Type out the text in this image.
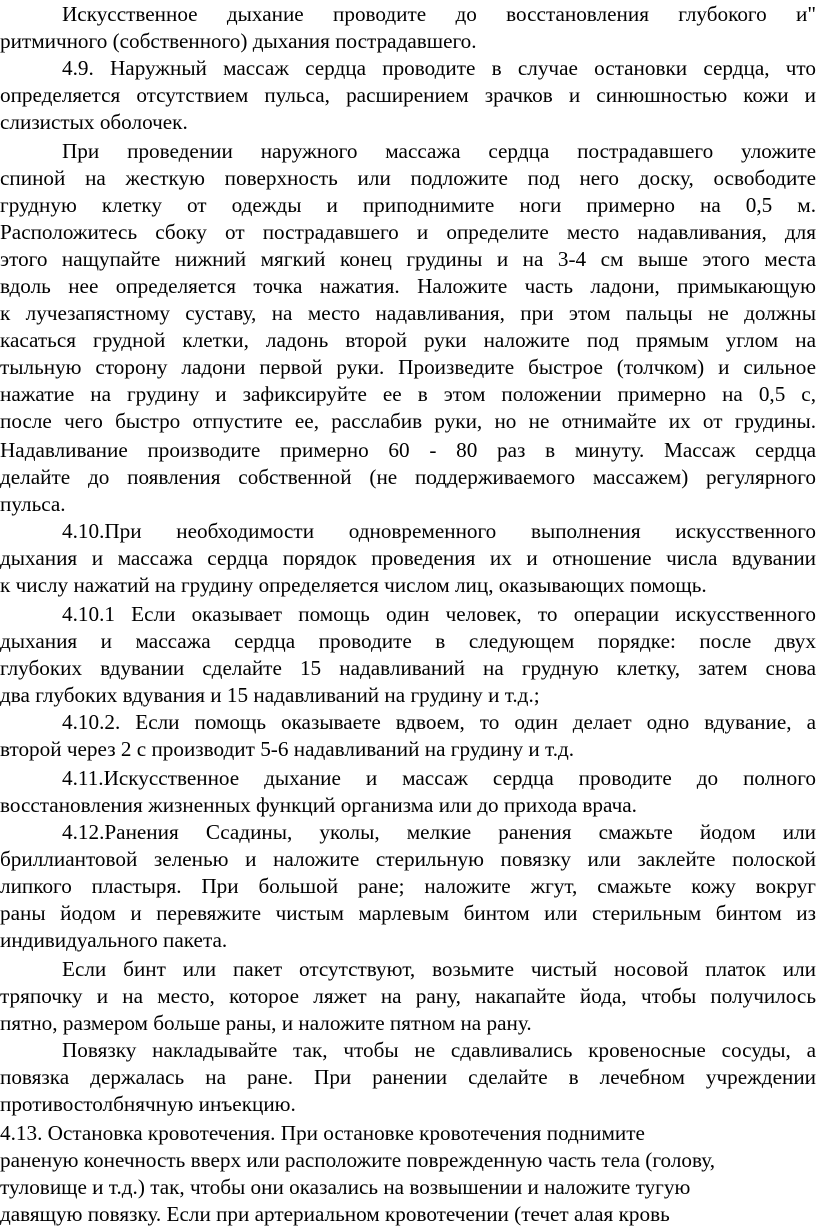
Искусственное дыхание проводите до восстановления глубокого и"
ритмичного (собственного) дыхания пострадавшего.
4.9. Наружный массаж сердца проводите в случае остановки сердца, что
определяется отсутствием пульса, расширением зрачков и синюшностью кожи и
слизистых оболочек.
При проведении наружного массажа сердца пострадавшего уложите
спиной на жесткую поверхность или подложите под него доску, освободите
грудную клетку от одежды и приподнимите ноги примерно на 0,5 м.
Расположитесь сбоку от пострадавшего и определите место надавливания, для
этого нащупайте нижний мягкий конец грудины и на 3-4 см выше этого места
вдоль нее определяется точка нажатия. Наложите часть ладони, примыкающую
к лучезапястному суставу, на место надавливания, при этом пальцы не должны
касаться грудной клетки, ладонь второй руки наложите под прямым углом на
тыльную сторону ладони первой руки. Произведите быстрое (толчком) и сильное
нажатие на грудину и зафиксируйте ее в этом положении примерно на 0,5 с,
после чего быстро отпустите ее, расслабив руки, но не отнимайте их от грудины.
Надавливание производите примерно 60 - 80 раз в минуту. Массаж сердца
делайте до появления собственной (не поддерживаемого массажем) регулярного
пульса.
4.10.При необходимости одновременного выполнения искусственного
дыхания и массажа сердца порядок проведения их и отношение числа вдувании
к числу нажатий на грудину определяется числом лиц, оказывающих помощь.
4.10.1 Если оказывает помощь один человек, то операции искусственного
дыхания и массажа сердца проводите в следующем порядке: после двух
глубоких вдувании сделайте 15 надавливаний на грудную клетку, затем снова
два глубоких вдувания и 15 надавливаний на грудину и т.д.;
4.10.2. Если помощь оказываете вдвоем, то один делает одно вдувание, а
второй через 2 с производит 5-6 надавливаний на грудину и т.д.
4.11.Искусственное дыхание и массаж сердца проводите до полного
восстановления жизненных функций организма или до прихода врача.
4.12.Ранения Ссадины, уколы, мелкие ранения смажьте йодом или
бриллиантовой зеленью и наложите стерильную повязку или заклейте полоской
липкого пластыря. При большой ране; наложите жгут, смажьте кожу вокруг
раны йодом и перевяжите чистым марлевым бинтом или стерильным бинтом из
индивидуального пакета.
Если бинт или пакет отсутствуют, возьмите чистый носовой платок или
тряпочку и на место, которое ляжет на рану, накапайте йода, чтобы получилось
пятно, размером больше раны, и наложите пятном на рану.
Повязку накладывайте так, чтобы не сдавливались кровеносные сосуды, а
повязка держалась на ране. При ранении сделайте в лечебном учреждении
противостолбнячную инъекцию.
4.13. Остановка кровотечения. При остановке кровотечения поднимите
раненую конечность вверх или расположите поврежденную часть тела (голову,
туловище и т.д.) так, чтобы они оказались на возвышении и наложите тугую
давящую повязку. Если при артериальном кровотечении (течет алая кровь
